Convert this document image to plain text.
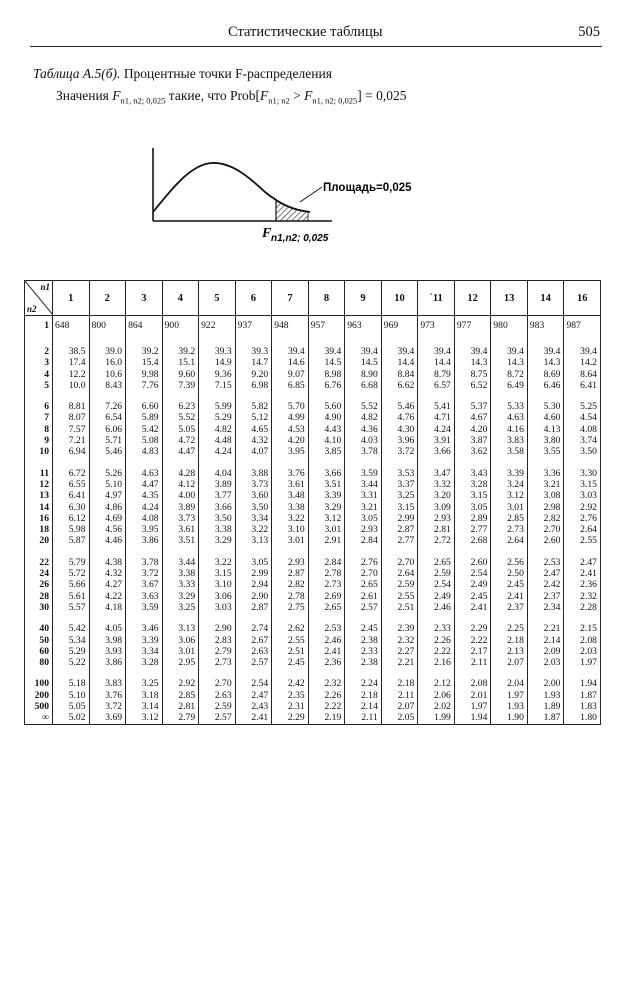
Статистические таблицы	505
Таблица А.5(б). Процентные точки F-распределения
Значения $F_{n1, n2; 0,025}$ такие, что $Prob[F_{n1; n2} > F_{n1, n2; 0,025}] = 0,025$
Площадь=0,025
F n1,n2; 0,025
n1
n2	1	2	3	4	5	6	7	8	9	10	`11	12	13	14	16
1	648	800	864	900	922	937	948	957	963	969	973	977	980	983	987

2	38.5	39.0	39.2	39.2	39.3	39.3	39.4	39.4	39.4	39.4	39.4	39.4	39.4	39.4	39.4
3	17.4	16.0	15.4	15.1	14.9	14.7	14.6	14.5	14.5	14.4	14.4	14.3	14.3	14.3	14.2
4	12.2	10.6	9.98	9.60	9.36	9.20	9.07	8.98	8.90	8.84	8.79	8.75	8.72	8.69	8.64
5	10.0	8.43	7.76	7.39	7.15	6.98	6.85	6.76	6.68	6.62	6.57	6.52	6.49	6.46	6.41

6	8.81	7.26	6.60	6.23	5.99	5.82	5.70	5.60	5.52	5.46	5.41	5.37	5.33	5.30	5.25
7	8.07	6.54	5.89	5.52	5.29	5.12	4.99	4.90	4.82	4.76	4.71	4.67	4.63	4.60	4.54
8	7.57	6.06	5.42	5.05	4.82	4.65	4.53	4.43	4.36	4.30	4.24	4.20	4.16	4.13	4.08
9	7.21	5.71	5.08	4.72	4.48	4.32	4.20	4.10	4.03	3.96	3.91	3.87	3.83	3.80	3.74
10	6.94	5.46	4.83	4.47	4.24	4.07	3.95	3.85	3.78	3.72	3.66	3.62	3.58	3.55	3.50

11	6.72	5.26	4.63	4.28	4.04	3.88	3.76	3.66	3.59	3.53	3.47	3.43	3.39	3.36	3.30
12	6.55	5.10	4.47	4.12	3.89	3.73	3.61	3.51	3.44	3.37	3.32	3.28	3.24	3.21	3.15
13	6.41	4.97	4.35	4.00	3.77	3.60	3.48	3.39	3.31	3.25	3.20	3.15	3.12	3.08	3.03
14	6.30	4.86	4.24	3.89	3.66	3.50	3.38	3.29	3.21	3.15	3.09	3.05	3.01	2.98	2.92
16	6.12	4.69	4.08	3.73	3.50	3.34	3.22	3.12	3.05	2.99	2.93	2.89	2.85	2.82	2.76
18	5.98	4.56	3.95	3.61	3.38	3.22	3.10	3.01	2.93	2.87	2.81	2.77	2.73	2.70	2.64
20	5.87	4.46	3.86	3.51	3.29	3.13	3.01	2.91	2.84	2.77	2.72	2.68	2.64	2.60	2.55

22	5.79	4.38	3.78	3.44	3.22	3.05	2.93	2.84	2.76	2.70	2.65	2.60	2.56	2.53	2.47
24	5.72	4.32	3.72	3.38	3.15	2.99	2.87	2.78	2.70	2.64	2.59	2.54	2.50	2.47	2.41
26	5.66	4.27	3.67	3.33	3.10	2.94	2.82	2.73	2.65	2.59	2.54	2.49	2.45	2.42	2.36
28	5.61	4.22	3.63	3.29	3.06	2.90	2.78	2.69	2.61	2.55	2.49	2.45	2.41	2.37	2.32
30	5.57	4.18	3.59	3.25	3.03	2.87	2.75	2.65	2.57	2.51	2.46	2.41	2.37	2.34	2.28

40	5.42	4.05	3.46	3.13	2.90	2.74	2.62	2.53	2.45	2.39	2.33	2.29	2.25	2.21	2.15
50	5.34	3.98	3.39	3.06	2.83	2.67	2.55	2.46	2.38	2.32	2.26	2.22	2.18	2.14	2.08
60	5.29	3.93	3.34	3.01	2.79	2.63	2.51	2.41	2.33	2.27	2.22	2.17	2.13	2.09	2.03
80	5.22	3.86	3.28	2.95	2.73	2.57	2.45	2.36	2.38	2.21	2.16	2.11	2.07	2.03	1.97

100	5.18	3.83	3.25	2.92	2.70	2.54	2.42	2.32	2.24	2.18	2.12	2.08	2.04	2.00	1.94
200	5.10	3.76	3.18	2.85	2.63	2.47	2.35	2.26	2.18	2.11	2.06	2.01	1.97	1.93	1.87
500	5.05	3.72	3.14	2.81	2.59	2.43	2.31	2.22	2.14	2.07	2.02	1.97	1.93	1.89	1.83
∞	5.02	3.69	3.12	2.79	2.57	2.41	2.29	2.19	2.11	2.05	1.99	1.94	1.90	1.87	1.80
